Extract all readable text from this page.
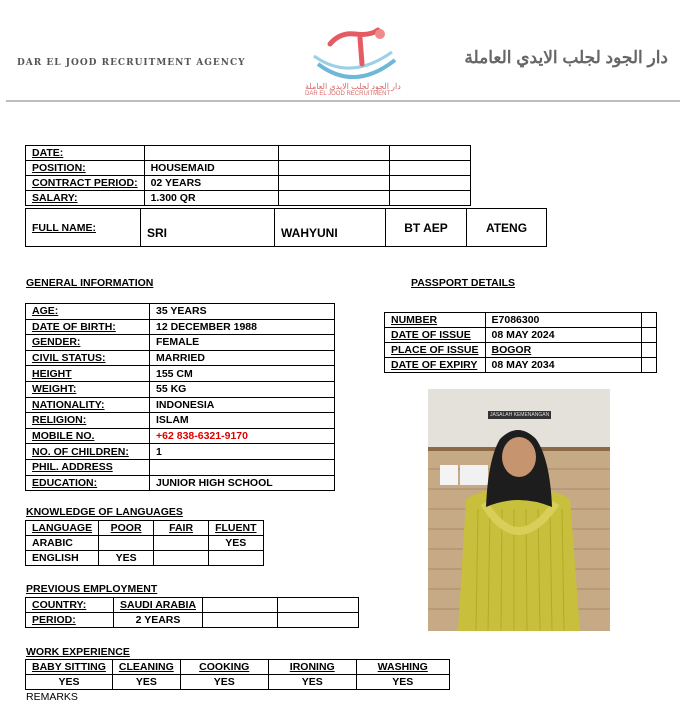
DAR EL JOOD RECRUITMENT AGENCY
دار الجود لجلب الايدي العاملة
DAR EL JOOD RECRUITMENT
دار الجود لجلب الايدي العاملة
DATE:			
POSITION:	HOUSEMAID		
CONTRACT PERIOD:	02 YEARS		
SALARY:	1.300 QR		
FULL NAME:	SRI	WAHYUNI	BT AEP	ATENG
GENERAL INFORMATION
AGE:	35 YEARS
DATE OF BIRTH:	12 DECEMBER 1988
GENDER:	FEMALE
CIVIL STATUS:	MARRIED
HEIGHT	155 CM
WEIGHT:	55 KG
NATIONALITY:	INDONESIA
RELIGION:	ISLAM
MOBILE NO.	+62 838-6321-9170
NO. OF CHILDREN:	1
PHIL. ADDRESS	
EDUCATION:	JUNIOR HIGH SCHOOL
PASSPORT DETAILS
NUMBER	E7086300	
DATE OF ISSUE	08 MAY 2024	
PLACE OF ISSUE	BOGOR	
DATE OF EXPIRY	08 MAY 2034	
JASALAH KEMENANGAN
KNOWLEDGE OF LANGUAGES
LANGUAGE	POOR	FAIR	FLUENT
ARABIC			YES
ENGLISH	YES		
PREVIOUS EMPLOYMENT
COUNTRY:	SAUDI ARABIA		
PERIOD:	2 YEARS		
WORK EXPERIENCE
BABY SITTING	CLEANING	COOKING	IRONING	WASHING
YES	YES	YES	YES	YES
REMARKS
